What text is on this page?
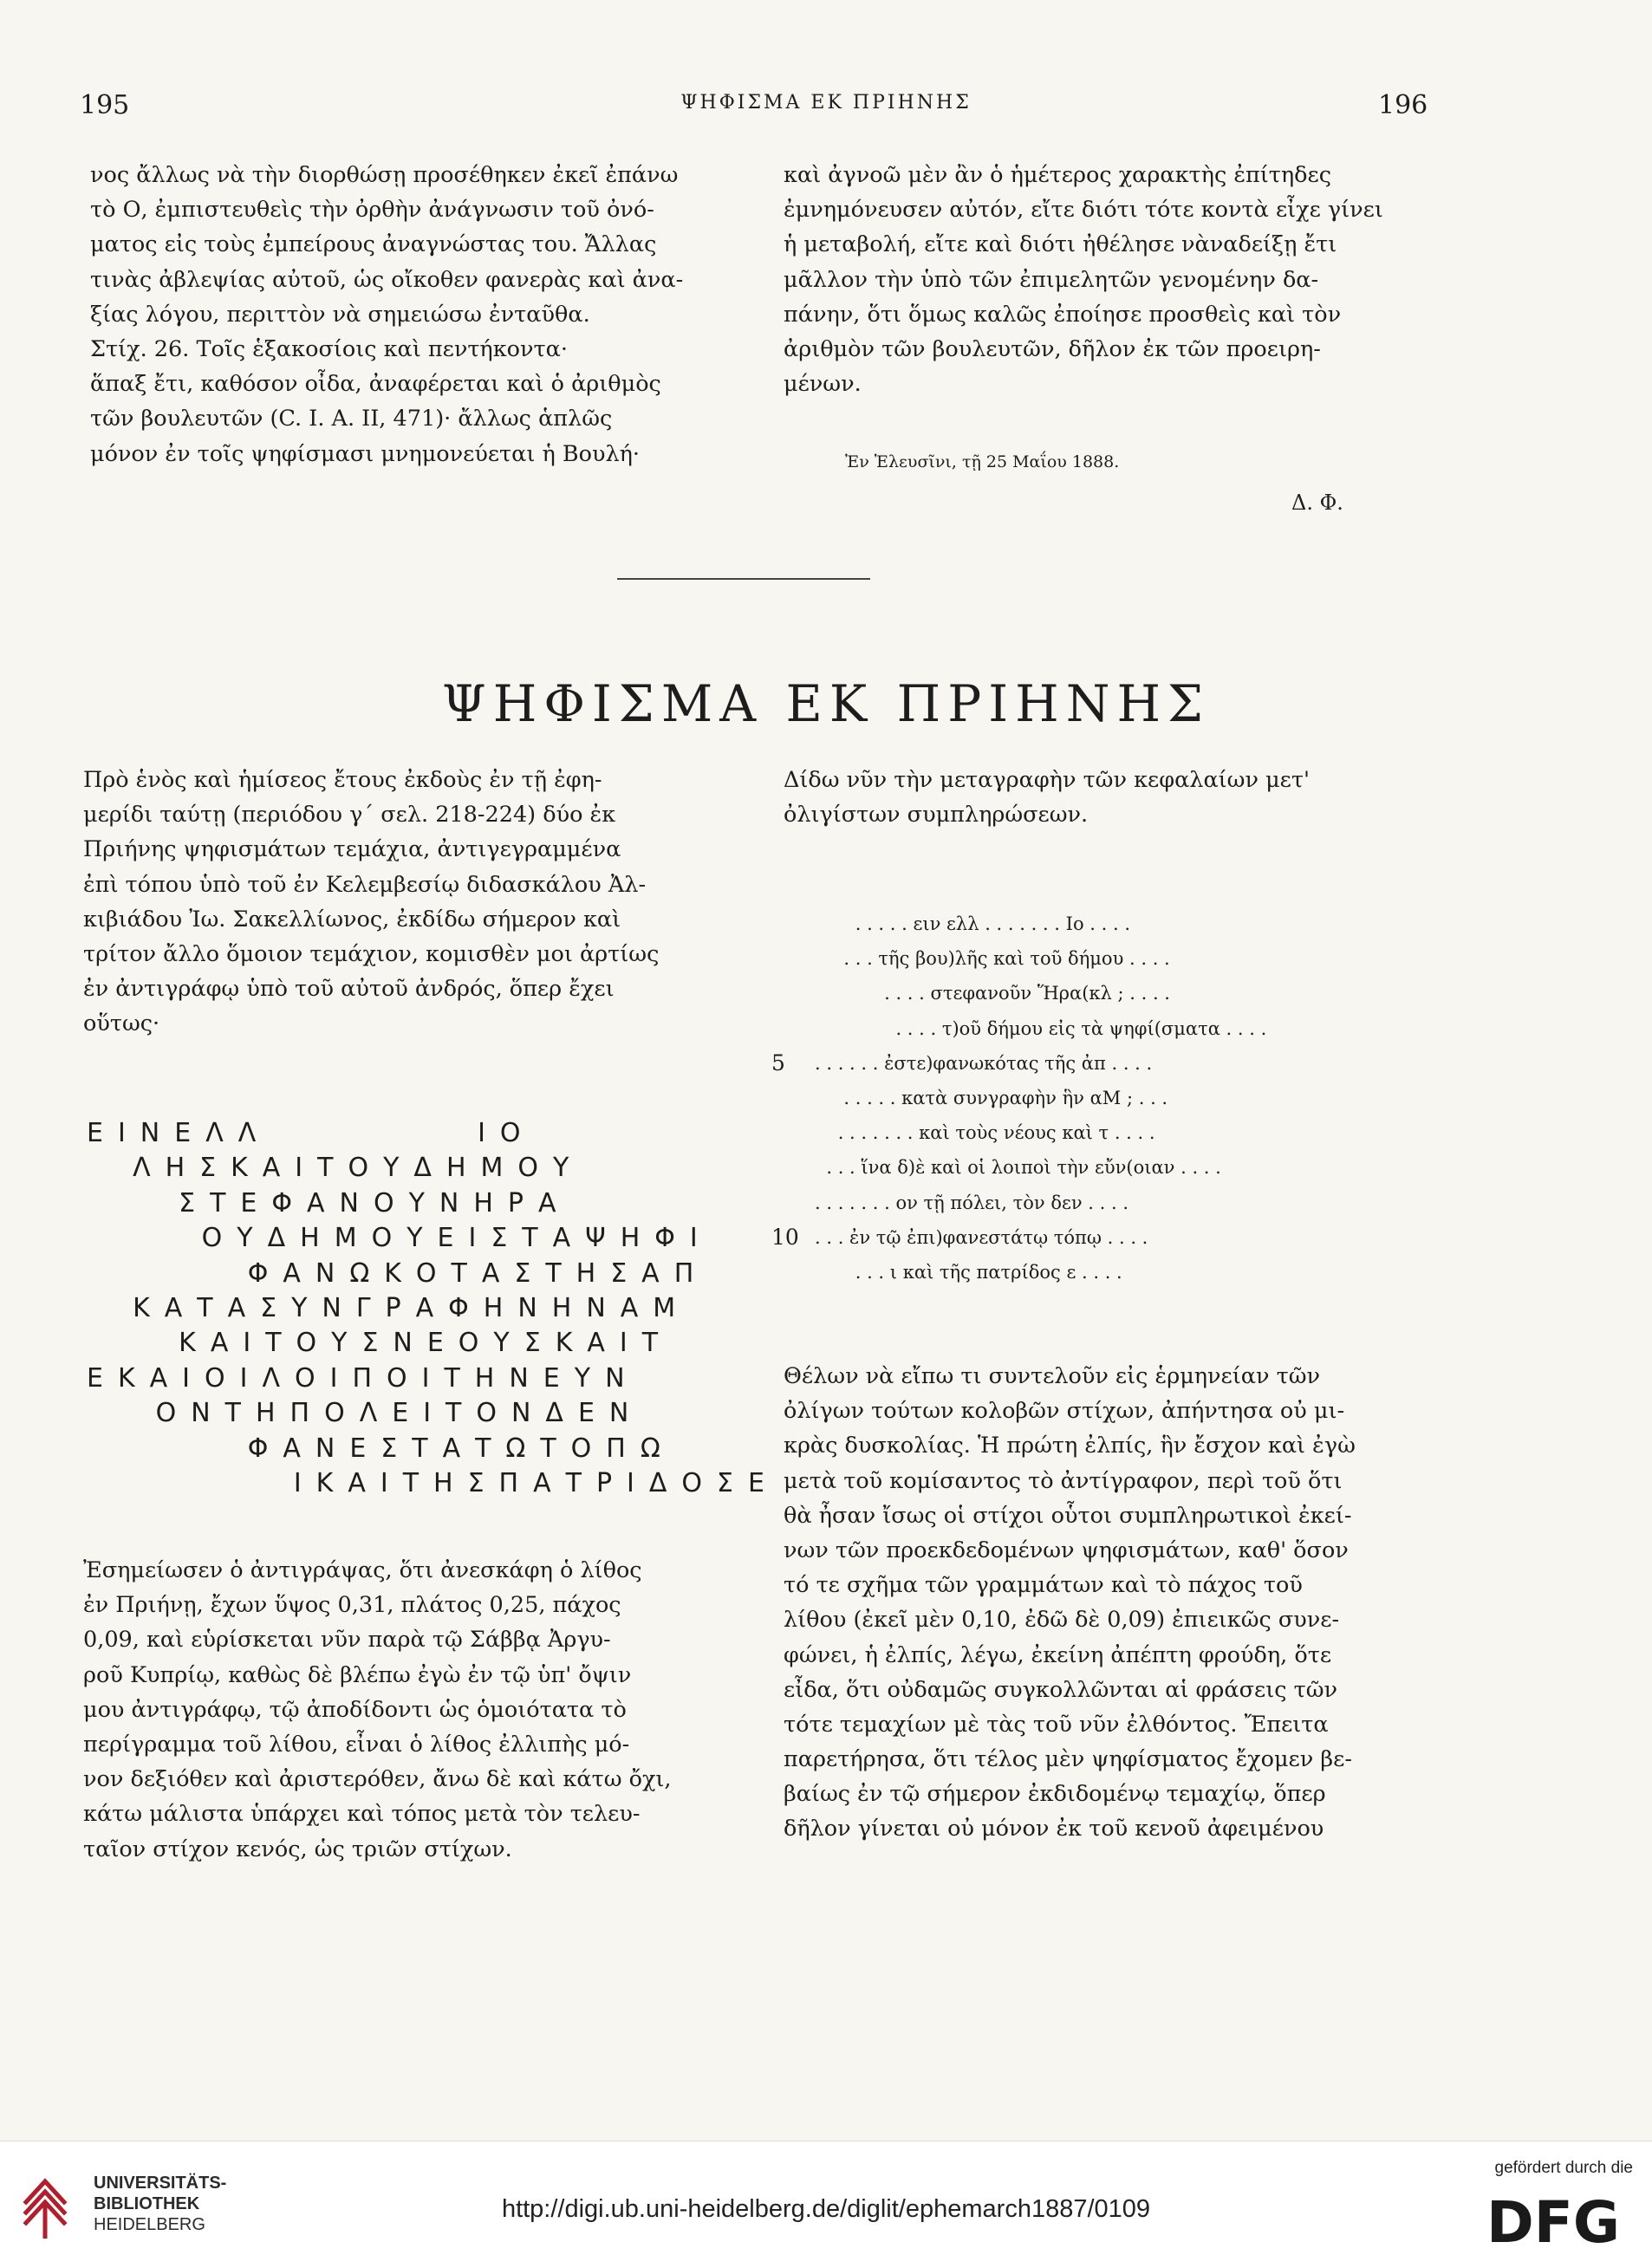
195	ΨΗΦΙΣΜΑ ΕΚ ΠΡΙΗΝΗΣ	196
νος ἄλλως νὰ τὴν διορθώσῃ προσέθηκεν ἐκεῖ ἐπάνω
τὸ Ο, ἐμπιστευθεὶς τὴν ὀρθὴν ἀνάγνωσιν τοῦ ὀνό-
ματος εἰς τοὺς ἐμπείρους ἀναγνώστας του. Ἄλλας
τινὰς ἀβλεψίας αὐτοῦ, ὡς οἴκοθεν φανερὰς καὶ ἀνα-
ξίας λόγου, περιττὸν νὰ σημειώσω ἐνταῦθα.
Στίχ. 26. Τοῖς ἑξακοσίοις καὶ πεντήκοντα·
ἅπαξ ἔτι, καθόσον οἶδα, ἀναφέρεται καὶ ὁ ἀριθμὸς
τῶν βουλευτῶν (C. I. A. II, 471)· ἄλλως ἁπλῶς
μόνον ἐν τοῖς ψηφίσμασι μνημονεύεται ἡ Βουλή·
καὶ ἀγνοῶ μὲν ἂν ὁ ἡμέτερος χαρακτὴς ἐπίτηδες
ἐμνημόνευσεν αὐτόν, εἴτε διότι τότε κοντὰ εἶχε γίνει
ἡ μεταβολή, εἴτε καὶ διότι ἠθέλησε νὰναδείξῃ ἔτι
μᾶλλον τὴν ὑπὸ τῶν ἐπιμελητῶν γενομένην δα-
πάνην, ὅτι ὅμως καλῶς ἐποίησε προσθεὶς καὶ τὸν
ἀριθμὸν τῶν βουλευτῶν, δῆλον ἐκ τῶν προειρη-
μένων.
Ἐν Ἐλευσῖνι, τῇ 25 Μαΐου 1888.
Δ. Φ.
ΨΗΦΙΣΜΑ ΕΚ ΠΡΙΗΝΗΣ
Πρὸ ἑνὸς καὶ ἡμίσεος ἔτους ἐκδοὺς ἐν τῇ ἐφη-
μερίδι ταύτῃ (περιόδου γ΄ σελ. 218-224) δύο ἐκ
Πριήνης ψηφισμάτων τεμάχια, ἀντιγεγραμμένα
ἐπὶ τόπου ὑπὸ τοῦ ἐν Κελεμβεσίῳ διδασκάλου Ἀλ-
κιβιάδου Ἰω. Σακελλίωνος, ἐκδίδω σήμερον καὶ
τρίτον ἄλλο ὅμοιον τεμάχιον, κομισθὲν μοι ἀρτίως
ἐν ἀντιγράφῳ ὑπὸ τοῦ αὐτοῦ ἀνδρός, ὅπερ ἔχει
οὕτως·
Δίδω νῦν τὴν μεταγραφὴν τῶν κεφαλαίων μετ'
ὀλιγίστων συμπληρώσεων.
ΕΙΝΕΛΛ         ΙΟ
ΛΗΣΚΑΙΤΟΥΔΗΜΟΥ
ΣΤΕΦΑΝΟΥΝΗΡΑ
ΟΥΔΗΜΟΥΕΙΣΤΑΨΗΦΙ
ΦΑΝΩΚΟΤΑΣΤΗΣΑΠ
ΚΑΤΑΣΥΝΓΡΑΦΗΝΗΝΑΜ
ΚΑΙΤΟΥΣΝΕΟΥΣΚΑΙΤ
ΕΚΑΙΟΙΛΟΙΠΟΙΤΗΝΕΥΝ
ΟΝΤΗΠΟΛΕΙΤΟΝΔΕΝ
ΦΑΝΕΣΤΑΤΩΤΟΠΩ
ΙΚΑΙΤΗΣΠΑΤΡΙΔΟΣΕ
. . . . . ειν ελλ . . . . . . . Ιο . . . .
. . . τῆς βου)λῆς καὶ τοῦ δήμου . . . .
. . . . στεφανοῦν Ἥρα(κλ ; . . . .
. . . . τ)οῦ δήμου εἰς τὰ ψηφί(σματα . . . .
5	. . . . . . ἐστε)φανωκότας τῆς ἀπ . . . .
. . . . . κατὰ συνγραφὴν ἣν αΜ ; . . .
. . . . . . . καὶ τοὺς νέους καὶ τ . . . .
. . . ἵνα δ)ὲ καὶ οἱ λοιποὶ τὴν εὔν(οιαν . . . .
. . . . . . . ον τῇ πόλει, τὸν δεν . . . .
10 . . . ἐν τῷ ἐπι)φανεστάτῳ τόπῳ . . . .
. . . ι καὶ τῆς πατρίδος ε . . . .
Ἐσημείωσεν ὁ ἀντιγράψας, ὅτι ἀνεσκάφη ὁ λίθος
ἐν Πριήνῃ, ἔχων ὕψος 0,31, πλάτος 0,25, πάχος
0,09, καὶ εὑρίσκεται νῦν παρὰ τῷ Σάββᾳ Ἀργυ-
ροῦ Κυπρίῳ, καθὼς δὲ βλέπω ἐγὼ ἐν τῷ ὑπ' ὄψιν
μου ἀντιγράφῳ, τῷ ἀποδίδοντι ὡς ὁμοιότατα τὸ
περίγραμμα τοῦ λίθου, εἶναι ὁ λίθος ἐλλιπὴς μό-
νον δεξιόθεν καὶ ἀριστερόθεν, ἄνω δὲ καὶ κάτω ὄχι,
κάτω μάλιστα ὑπάρχει καὶ τόπος μετὰ τὸν τελευ-
ταῖον στίχον κενός, ὡς τριῶν στίχων.
Θέλων νὰ εἴπω τι συντελοῦν εἰς ἑρμηνείαν τῶν
ὀλίγων τούτων κολοβῶν στίχων, ἀπήντησα οὐ μι-
κρὰς δυσκολίας. Ἡ πρώτη ἐλπίς, ἣν ἔσχον καὶ ἐγὼ
μετὰ τοῦ κομίσαντος τὸ ἀντίγραφον, περὶ τοῦ ὅτι
θὰ ἦσαν ἴσως οἱ στίχοι οὗτοι συμπληρωτικοὶ ἐκεί-
νων τῶν προεκδεδομένων ψηφισμάτων, καθ' ὅσον
τό τε σχῆμα τῶν γραμμάτων καὶ τὸ πάχος τοῦ
λίθου (ἐκεῖ μὲν 0,10, ἐδῶ δὲ 0,09) ἐπιεικῶς συνε-
φώνει, ἡ ἐλπίς, λέγω, ἐκείνη ἀπέπτη φρούδη, ὅτε
εἶδα, ὅτι οὐδαμῶς συγκολλῶνται αἱ φράσεις τῶν
τότε τεμαχίων μὲ τὰς τοῦ νῦν ἐλθόντος. Ἔπειτα
παρετήρησα, ὅτι τέλος μὲν ψηφίσματος ἔχομεν βε-
βαίως ἐν τῷ σήμερον ἐκδιδομένῳ τεμαχίῳ, ὅπερ
δῆλον γίνεται οὐ μόνον ἐκ τοῦ κενοῦ ἀφειμένου
UNIVERSITÄTS-
BIBLIOTHEK
HEIDELBERG
http://digi.ub.uni-heidelberg.de/diglit/ephemarch1887/0109
gefördert durch die
DFG
